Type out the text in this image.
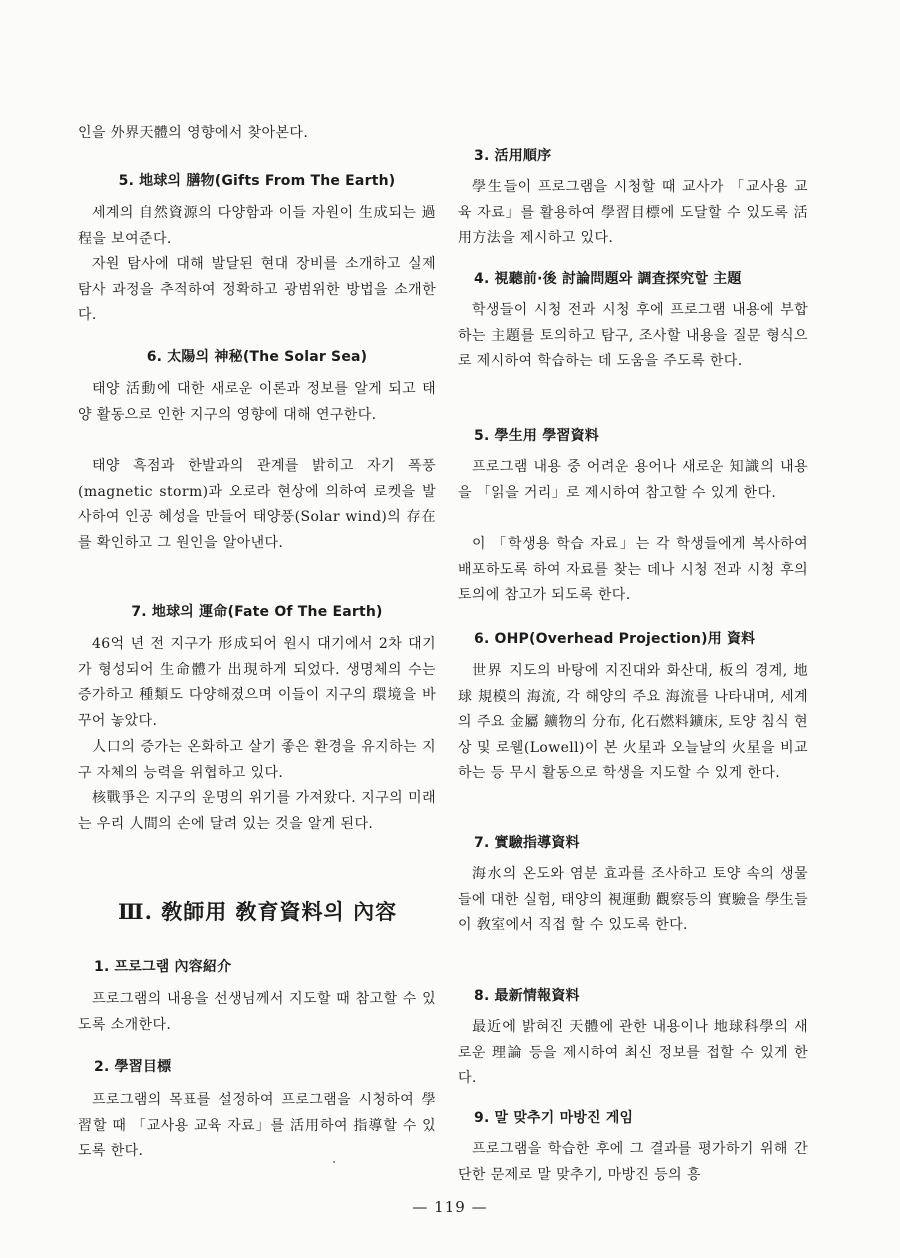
인을 外界天體의 영향에서 찾아본다.

5. 地球의 膳物(Gifts From The Earth)

세계의 自然資源의 다양함과 이들 자원이 生成되는 過程을 보여준다.

자원 탐사에 대해 발달된 현대 장비를 소개하고 실제 탐사 과정을 추적하여 정확하고 광범위한 방법을 소개한다.

6. 太陽의 神秘(The Solar Sea)

태양 活動에 대한 새로운 이론과 정보를 알게 되고 태양 활동으로 인한 지구의 영향에 대해 연구한다.

태양 흑점과 한발과의 관계를 밝히고 자기 폭풍(magnetic storm)과 오로라 현상에 의하여 로켓을 발사하여 인공 혜성을 만들어 태양풍(Solar wind)의 存在를 확인하고 그 원인을 알아낸다.

7. 地球의 運命(Fate Of The Earth)

46억 년 전 지구가 形成되어 원시 대기에서 2차 대기가 형성되어 生命體가 出現하게 되었다. 생명체의 수는 증가하고 種類도 다양해졌으며 이들이 지구의 環境을 바꾸어 놓았다.

人口의 증가는 온화하고 살기 좋은 환경을 유지하는 지구 자체의 능력을 위협하고 있다.

核戰爭은 지구의 운명의 위기를 가져왔다. 지구의 미래는 우리 人間의 손에 달려 있는 것을 알게 된다.

Ⅲ. 敎師用 敎育資料의 內容
1. 프로그램 內容紹介

프로그램의 내용을 선생님께서 지도할 때 참고할 수 있도록 소개한다.

2. 學習目標

프로그램의 목표를 설정하여 프로그램을 시청하여 學習할 때 「교사용 교육 자료」를 活用하여 指導할 수 있도록 한다.

3. 活用順序

學生들이 프로그램을 시청할 때 교사가 「교사용 교육 자료」를 활용하여 學習目標에 도달할 수 있도록 活用方法을 제시하고 있다.

4. 視聽前·後 討論問題와 調査探究할 主題

학생들이 시청 전과 시청 후에 프로그램 내용에 부합하는 主題를 토의하고 탐구, 조사할 내용을 질문 형식으로 제시하여 학습하는 데 도움을 주도록 한다.

5. 學生用 學習資料

프로그램 내용 중 어려운 용어나 새로운 知識의 내용을 「읽을 거리」로 제시하여 참고할 수 있게 한다.

이 「학생용 학습 자료」는 각 학생들에게 복사하여 배포하도록 하여 자료를 찾는 데나 시청 전과 시청 후의 토의에 참고가 되도록 한다.

6. OHP(Overhead Projection)用 資料

世界 지도의 바탕에 지진대와 화산대, 板의 경계, 地球 規模의 海流, 각 해양의 주요 海流를 나타내며, 세계의 주요 金屬 鑛物의 分布, 化石燃料鑛床, 토양 침식 현상 및 로웰(Lowell)이 본 火星과 오늘날의 火星을 비교하는 등 무시 활동으로 학생을 지도할 수 있게 한다.

7. 實驗指導資料

海水의 온도와 염분 효과를 조사하고 토양 속의 생물들에 대한 실험, 태양의 視運動 觀察등의 實驗을 學生들이 敎室에서 직접 할 수 있도록 한다.

8. 最新情報資料

最近에 밝혀진 天體에 관한 내용이나 地球科學의 새로운 理論 등을 제시하여 최신 정보를 접할 수 있게 한다.

9. 말 맞추기 마방진 게임

프로그램을 학습한 후에 그 결과를 평가하기 위해 간단한 문제로 말 맞추기, 마방진 등의 흥

— 119 —
